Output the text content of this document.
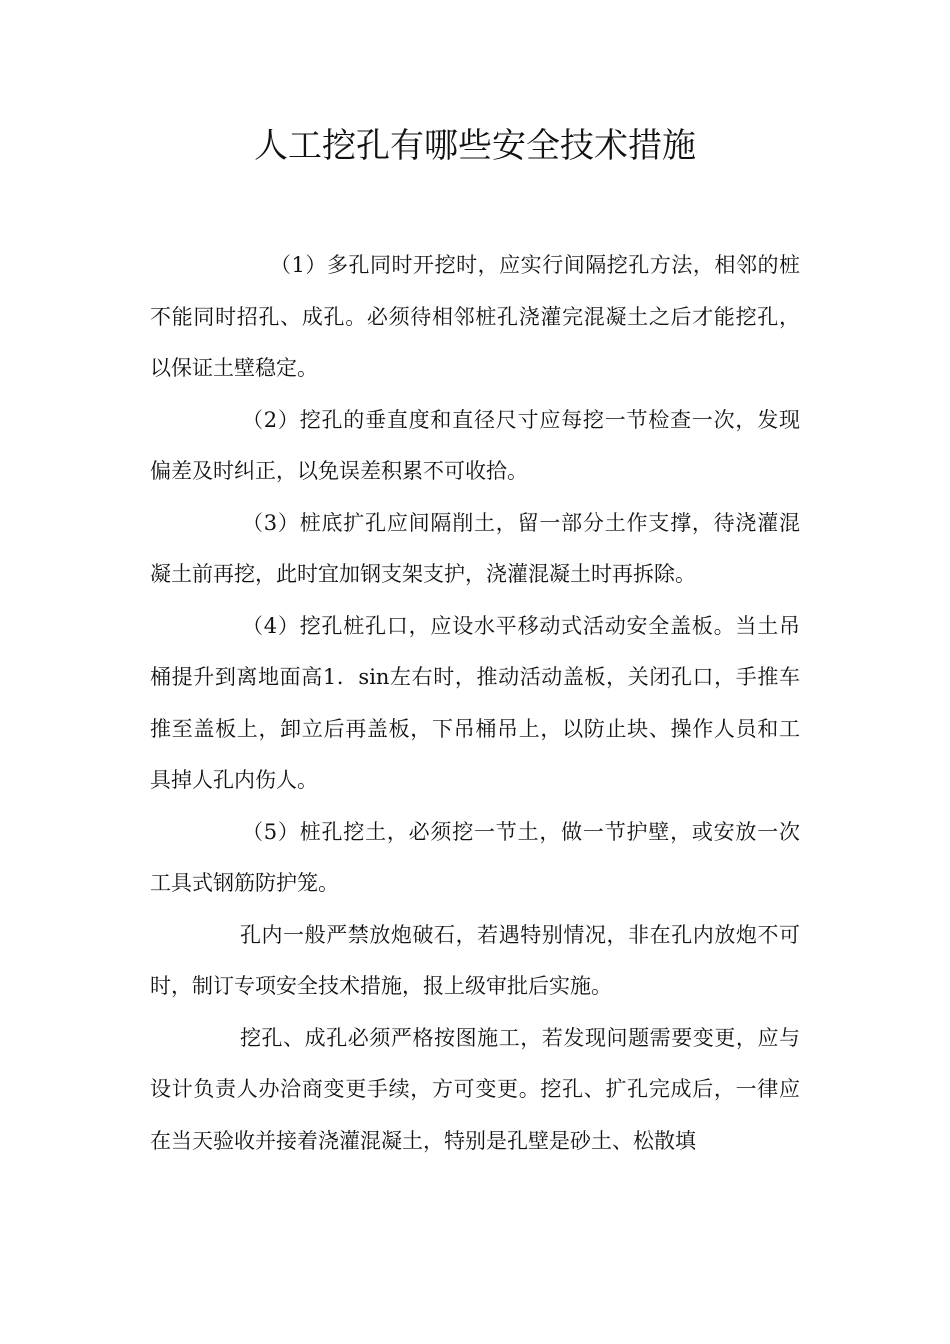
人工挖孔有哪些安全技术措施

（1）多孔同时开挖时，应实行间隔挖孔方法，相邻的桩不能同时招孔、成孔。必须待相邻桩孔浇灌完混凝土之后才能挖孔，以保证土壁稳定。

（2）挖孔的垂直度和直径尺寸应每挖一节检查一次，发现偏差及时纠正，以免误差积累不可收拾。

（3）桩底扩孔应间隔削土，留一部分土作支撑，待浇灌混凝土前再挖，此时宜加钢支架支护，浇灌混凝土时再拆除。

（4）挖孔桩孔口，应设水平移动式活动安全盖板。当土吊桶提升到离地面高1．sin左右时，推动活动盖板，关闭孔口，手推车推至盖板上，卸立后再盖板，下吊桶吊上，以防止块、操作人员和工具掉人孔内伤人。

（5）桩孔挖土，必须挖一节土，做一节护壁，或安放一次工具式钢筋防护笼。

孔内一般严禁放炮破石，若遇特别情况，非在孔内放炮不可时，制订专项安全技术措施，报上级审批后实施。

挖孔、成孔必须严格按图施工，若发现问题需要变更，应与设计负责人办洽商变更手续，方可变更。挖孔、扩孔完成后，一律应在当天验收并接着浇灌混凝土，特别是孔壁是砂土、松散填
